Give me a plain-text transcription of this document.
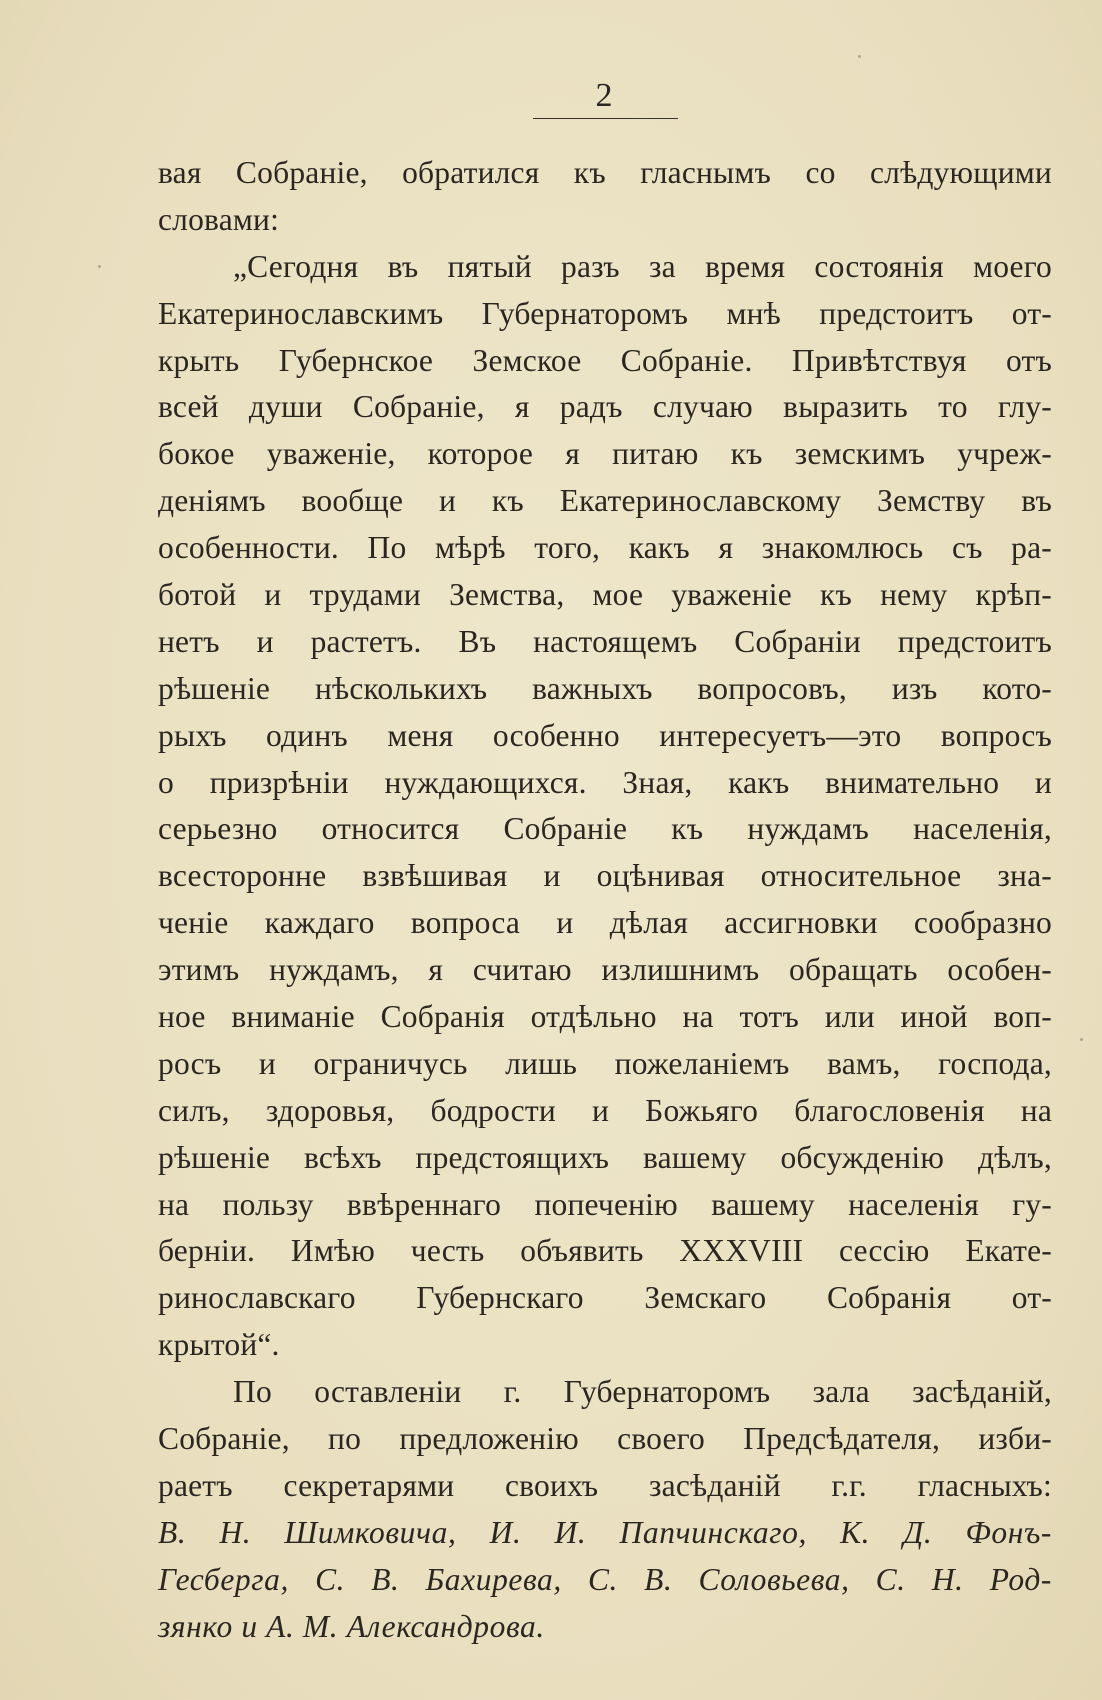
2
вая Собраніе, обратился къ гласнымъ со слѣдующими
словами:
„Сегодня въ пятый разъ за время состоянія моего
Екатеринославскимъ Губернаторомъ мнѣ предстоитъ от-
крыть Губернское Земское Собраніе. Привѣтствуя отъ
всей души Собраніе, я радъ случаю выразить то глу-
бокое уваженіе, которое я питаю къ земскимъ учреж-
деніямъ вообще и къ Екатеринославскому Земству въ
особенности. По мѣрѣ того, какъ я знакомлюсь съ ра-
ботой и трудами Земства, мое уваженіе къ нему крѣп-
нетъ и растетъ. Въ настоящемъ Собраніи предстоитъ
рѣшеніе нѣсколькихъ важныхъ вопросовъ, изъ кото-
рыхъ одинъ меня особенно интересуетъ—это вопросъ
о призрѣніи нуждающихся. Зная, какъ внимательно и
серьезно относится Собраніе къ нуждамъ населенія,
всесторонне взвѣшивая и оцѣнивая относительное зна-
ченіе каждаго вопроса и дѣлая ассигновки сообразно
этимъ нуждамъ, я считаю излишнимъ обращать особен-
ное вниманіе Собранія отдѣльно на тотъ или иной воп-
росъ и ограничусь лишь пожеланіемъ вамъ, господа,
силъ, здоровья, бодрости и Божьяго благословенія на
рѣшеніе всѣхъ предстоящихъ вашему обсужденію дѣлъ,
на пользу ввѣреннаго попеченію вашему населенія гу-
берніи. Имѣю честь объявить XXXVIII сессію Екате-
ринославскаго Губернскаго Земскаго Собранія от-
крытой“.
По оставленіи г. Губернаторомъ зала засѣданій,
Собраніе, по предложенію своего Предсѣдателя, изби-
раетъ секретарями своихъ засѣданій г.г. гласныхъ:
В. Н. Шимковича, И. И. Папчинскаго, К. Д. Фонъ-
Гесберга, С. В. Бахирева, С. В. Соловьева, С. Н. Род-
зянко и А. М. Александрова.
